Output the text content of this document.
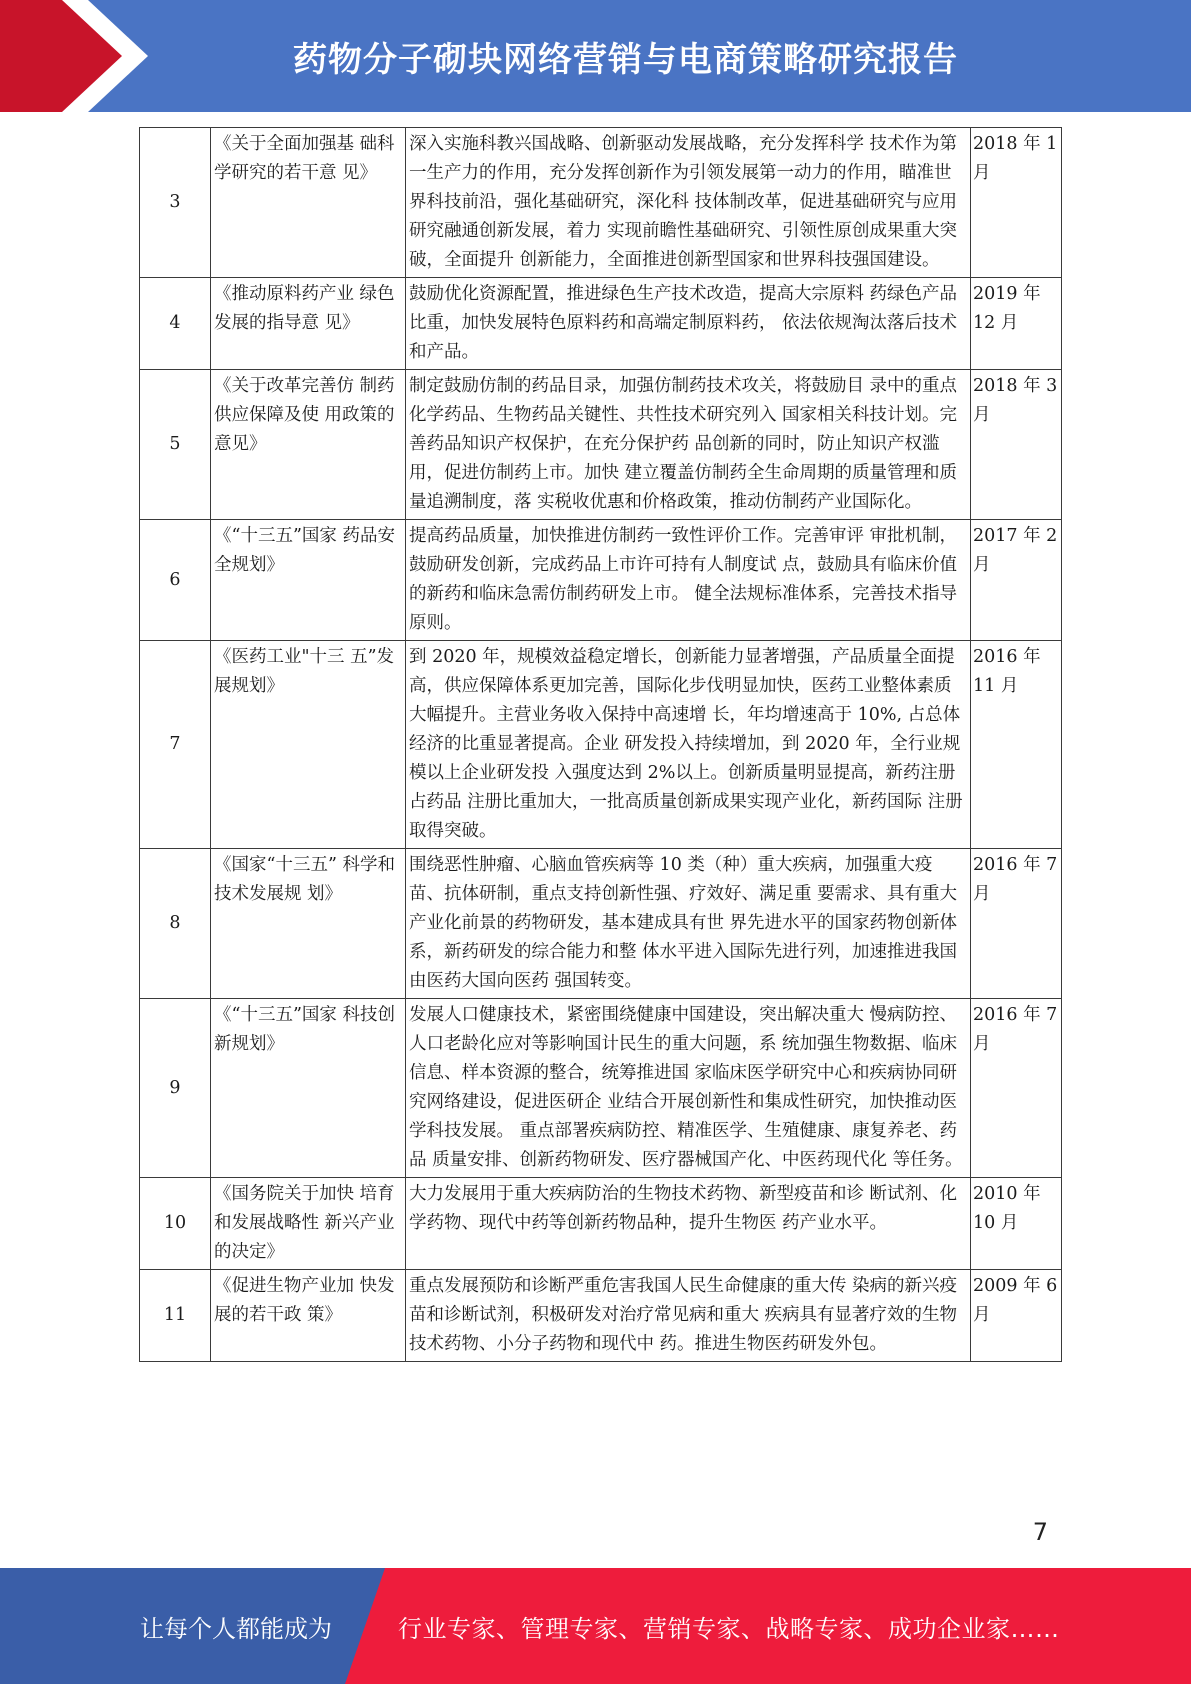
药物分子砌块网络营销与电商策略研究报告
3	《关于全面加强基 础科学研究的若干意 见》	深入实施科教兴国战略、创新驱动发展战略，充分发挥科学 技术作为第一生产力的作用，充分发挥创新作为引领发展第一动力的作用，瞄准世界科技前沿，强化基础研究，深化科 技体制改革，促进基础研究与应用研究融通创新发展，着力 实现前瞻性基础研究、引领性原创成果重大突破，全面提升 创新能力，全面推进创新型国家和世界科技强国建设。	2018 年 1 月
4	《推动原料药产业 绿色发展的指导意 见》	鼓励优化资源配置，推进绿色生产技术改造，提高大宗原料 药绿色产品比重，加快发展特色原料药和高端定制原料药， 依法依规淘汰落后技术和产品。	2019 年 12 月
5	《关于改革完善仿 制药供应保障及使 用政策的意见》	制定鼓励仿制的药品目录，加强仿制药技术攻关，将鼓励目 录中的重点化学药品、生物药品关键性、共性技术研究列入 国家相关科技计划。完善药品知识产权保护，在充分保护药 品创新的同时，防止知识产权滥用，促进仿制药上市。加快 建立覆盖仿制药全生命周期的质量管理和质量追溯制度，落 实税收优惠和价格政策，推动仿制药产业国际化。	2018 年 3 月
6	《“十三五”国家 药品安全规划》	提高药品质量，加快推进仿制药一致性评价工作。完善审评 审批机制，鼓励研发创新，完成药品上市许可持有人制度试 点，鼓励具有临床价值的新药和临床急需仿制药研发上市。 健全法规标准体系，完善技术指导原则。	2017 年 2 月
7	《医药工业"十三 五”发展规划》	到 2020 年，规模效益稳定增长，创新能力显著增强，产品质量全面提高，供应保障体系更加完善，国际化步伐明显加快，医药工业整体素质大幅提升。主营业务收入保持中高速增 长，年均增速高于 10%, 占总体经济的比重显著提高。企业 研发投入持续增加，到 2020 年，全行业规模以上企业研发投 入强度达到 2%以上。创新质量明显提高，新药注册占药品 注册比重加大，一批高质量创新成果实现产业化，新药国际 注册取得突破。	2016 年 11 月
8	《国家“十三五” 科学和技术发展规 划》	围绕恶性肿瘤、心脑血管疾病等 10 类（种）重大疾病，加强重大疫苗、抗体研制，重点支持创新性强、疗效好、满足重 要需求、具有重大产业化前景的药物研发，基本建成具有世 界先进水平的国家药物创新体系，新药研发的综合能力和整 体水平进入国际先进行列，加速推进我国由医药大国向医药 强国转变。	2016 年 7 月
9	《“十三五”国家 科技创新规划》	发展人口健康技术，紧密围绕健康中国建设，突出解决重大 慢病防控、人口老龄化应对等影响国计民生的重大问题，系 统加强生物数据、临床信息、样本资源的整合，统筹推进国 家临床医学研究中心和疾病协同研究网络建设，促进医研企 业结合开展创新性和集成性研究，加快推动医学科技发展。 重点部署疾病防控、精准医学、生殖健康、康复养老、药品 质量安排、创新药物研发、医疗器械国产化、中医药现代化 等任务。	2016 年 7 月
10	《国务院关于加快 培育和发展战略性 新兴产业的决定》	大力发展用于重大疾病防治的生物技术药物、新型疫苗和诊 断试剂、化学药物、现代中药等创新药物品种，提升生物医 药产业水平。	2010 年 10 月
11	《促进生物产业加 快发展的若干政 策》	重点发展预防和诊断严重危害我国人民生命健康的重大传 染病的新兴疫苗和诊断试剂，积极研发对治疗常见病和重大 疾病具有显著疗效的生物技术药物、小分子药物和现代中 药。推进生物医药研发外包。	2009 年 6 月
7
让每个人都能成为	行业专家、管理专家、营销专家、战略专家、成功企业家……
